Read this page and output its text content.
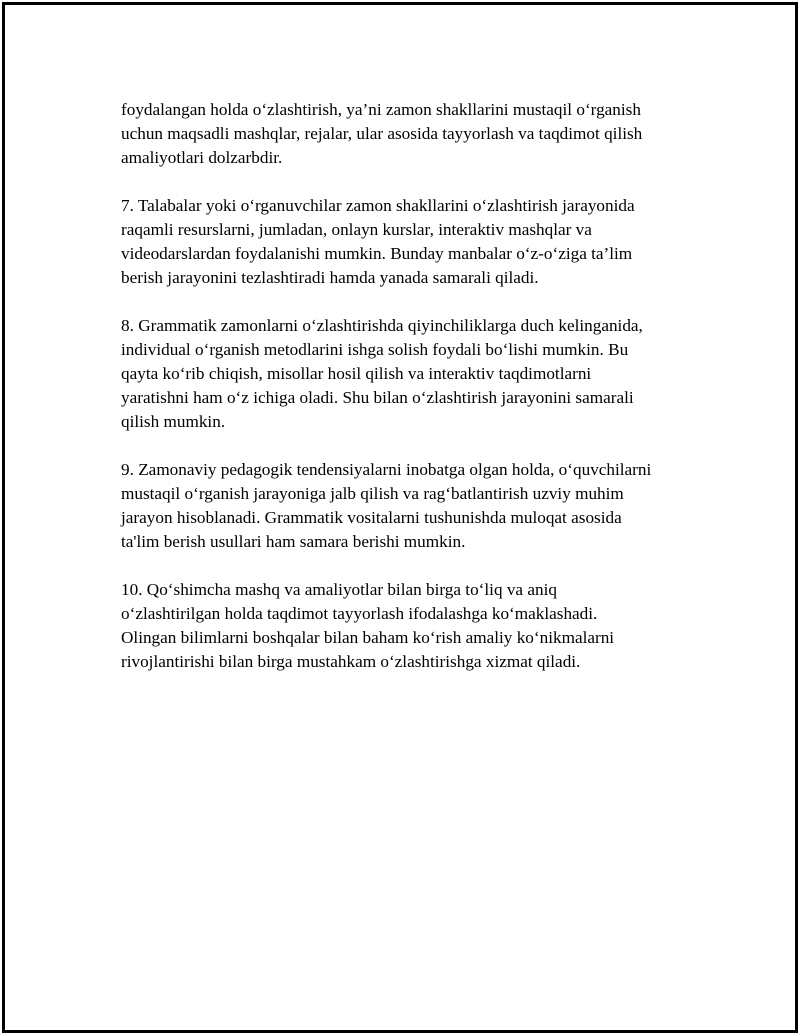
foydalangan holda o‘zlashtirish, ya’ni zamon shakllarini mustaqil o‘rganish

uchun maqsadli mashqlar, rejalar, ular asosida tayyorlash va taqdimot qilish

amaliyotlari dolzarbdir.

7. Talabalar yoki o‘rganuvchilar zamon shakllarini o‘zlashtirish jarayonida

raqamli resurslarni, jumladan, onlayn kurslar, interaktiv mashqlar va

videodarslardan foydalanishi mumkin. Bunday manbalar o‘z-o‘ziga ta’lim

berish jarayonini tezlashtiradi hamda yanada samarali qiladi.

8. Grammatik zamonlarni o‘zlashtirishda qiyinchiliklarga duch kelinganida,

individual o‘rganish metodlarini ishga solish foydali bo‘lishi mumkin. Bu

qayta ko‘rib chiqish, misollar hosil qilish va interaktiv taqdimotlarni

yaratishni ham o‘z ichiga oladi. Shu bilan o‘zlashtirish jarayonini samarali

qilish mumkin.

9. Zamonaviy pedagogik tendensiyalarni inobatga olgan holda, o‘quvchilarni

mustaqil o‘rganish jarayoniga jalb qilish va rag‘batlantirish uzviy muhim

jarayon hisoblanadi. Grammatik vositalarni tushunishda muloqat asosida

ta'lim berish usullari ham samara berishi mumkin.

10. Qo‘shimcha mashq va amaliyotlar bilan birga to‘liq va aniq

o‘zlashtirilgan holda taqdimot tayyorlash ifodalashga ko‘maklashadi.

Olingan bilimlarni boshqalar bilan baham ko‘rish amaliy ko‘nikmalarni

rivojlantirishi bilan birga mustahkam o‘zlashtirishga xizmat qiladi.
